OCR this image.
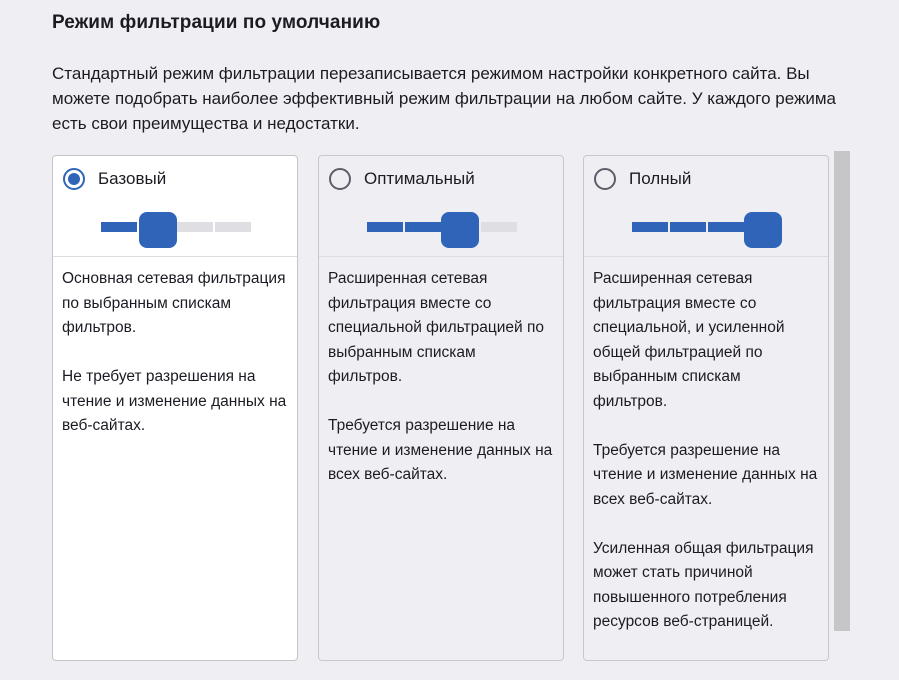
Режим фильтрации по умолчанию

Стандартный режим фильтрации перезаписывается режимом настройки конкретного сайта. Вы можете подобрать наиболее эффективный режим фильтрации на любом сайте. У каждого режима есть свои преимущества и недостатки.

Базовый

Основная сетевая фильтрация по выбранным спискам фильтров.

Не требует разрешения на чтение и изменение данных на веб-сайтах.

Оптимальный

Расширенная сетевая фильтрация вместе со специальной фильтрацией по выбранным спискам фильтров.

Требуется разрешение на чтение и изменение данных на всех веб-сайтах.

Полный

Расширенная сетевая фильтрация вместе со специальной, и усиленной общей фильтрацией по выбранным спискам фильтров.

Требуется разрешение на чтение и изменение данных на всех веб-сайтах.

Усиленная общая фильтрация может стать причиной повышенного потребления ресурсов веб-страницей.
